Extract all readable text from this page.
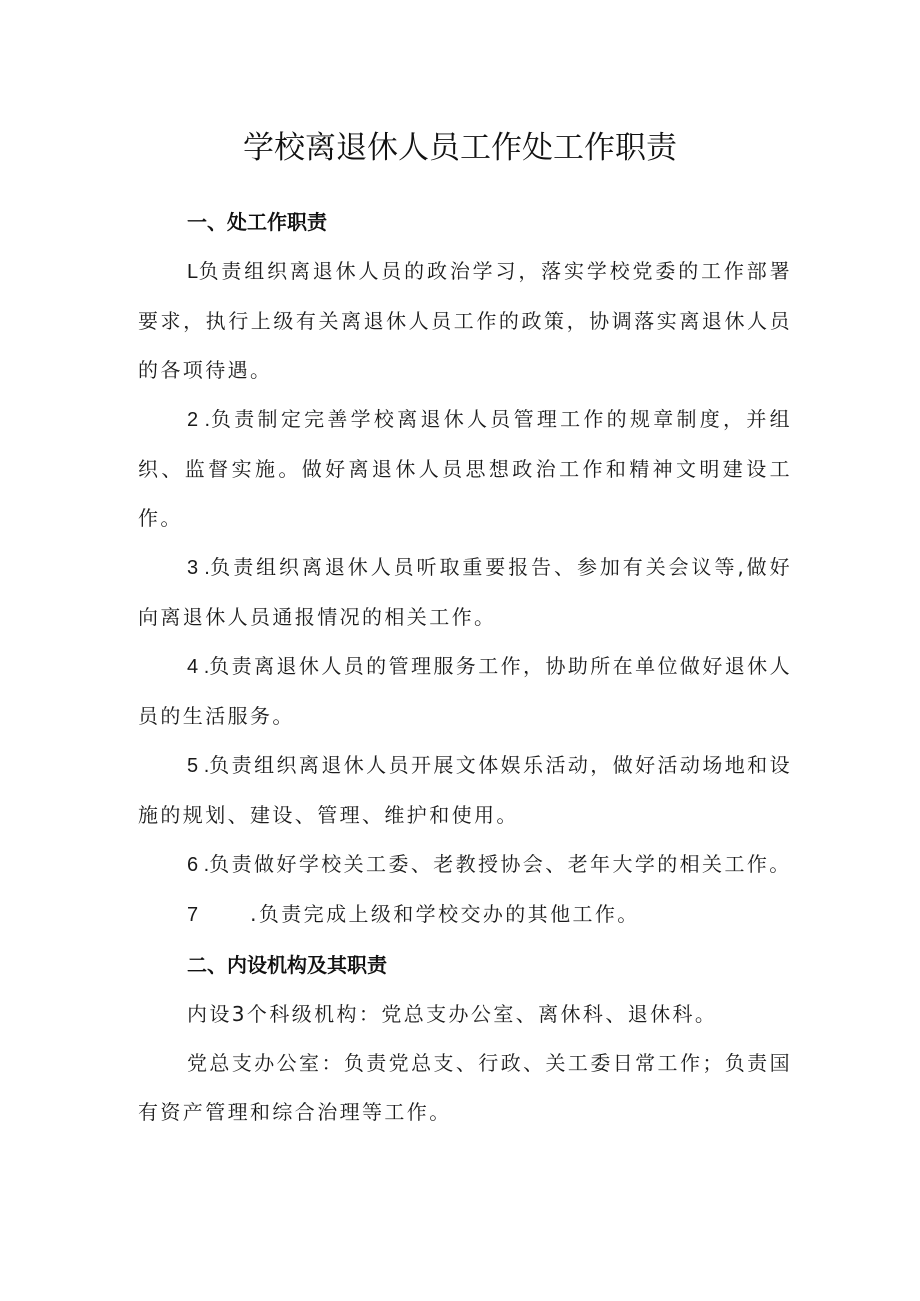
学校离退休人员工作处工作职责

一、处工作职责

L负责组织离退休人员的政治学习，落实学校党委的工作部署要求，执行上级有关离退休人员工作的政策，协调落实离退休人员的各项待遇。

2 .负责制定完善学校离退休人员管理工作的规章制度，并组织、监督实施。做好离退休人员思想政治工作和精神文明建设工作。

3 .负责组织离退休人员听取重要报告、参加有关会议等,做好向离退休人员通报情况的相关工作。

4 .负责离退休人员的管理服务工作，协助所在单位做好退休人员的生活服务。

5 .负责组织离退休人员开展文体娱乐活动，做好活动场地和设施的规划、建设、管理、维护和使用。

6 .负责做好学校关工委、老教授协会、老年大学的相关工作。

7	.负责完成上级和学校交办的其他工作。

二、内设机构及其职责

内设3个科级机构：党总支办公室、离休科、退休科。

党总支办公室：负责党总支、行政、关工委日常工作；负责国有资产管理和综合治理等工作。
